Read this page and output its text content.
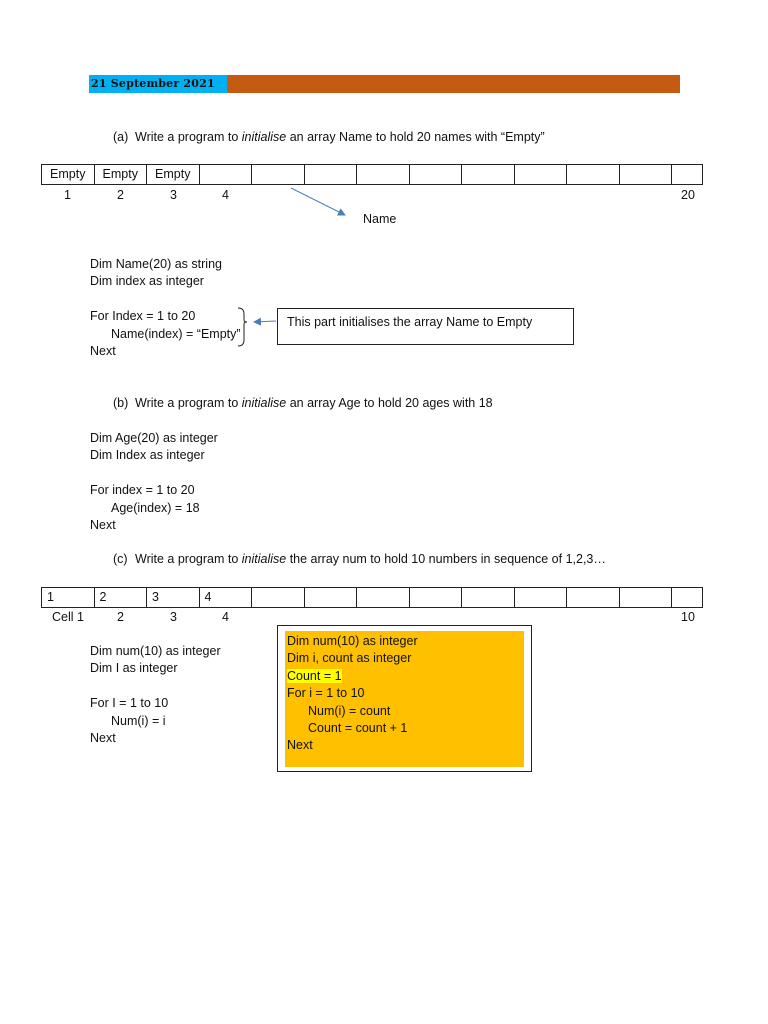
21 September 2021
(a) Write a program to initialise an array Name to hold 20 names with “Empty”
Empty	Empty	Empty
1	2	3	4	20
Name
Dim Name(20) as string
Dim index as integer
For Index = 1 to 20
Name(index) = “Empty”
Next
This part initialises the array Name to Empty
(b) Write a program to initialise an array Age to hold 20 ages with 18
Dim Age(20) as integer
Dim Index as integer
For index = 1 to 20
Age(index) = 18
Next
(c) Write a program to initialise the array num to hold 10 numbers in sequence of 1,2,3…
1	2	3	4
Cell 1	2	3	4	10
Dim num(10) as integer
Dim I as integer
For I = 1 to 10
Num(i) = i
Next
Dim num(10) as integer
Dim i, count as integer
Count = 1
For i = 1 to 10
Num(i) = count
Count = count + 1
Next
